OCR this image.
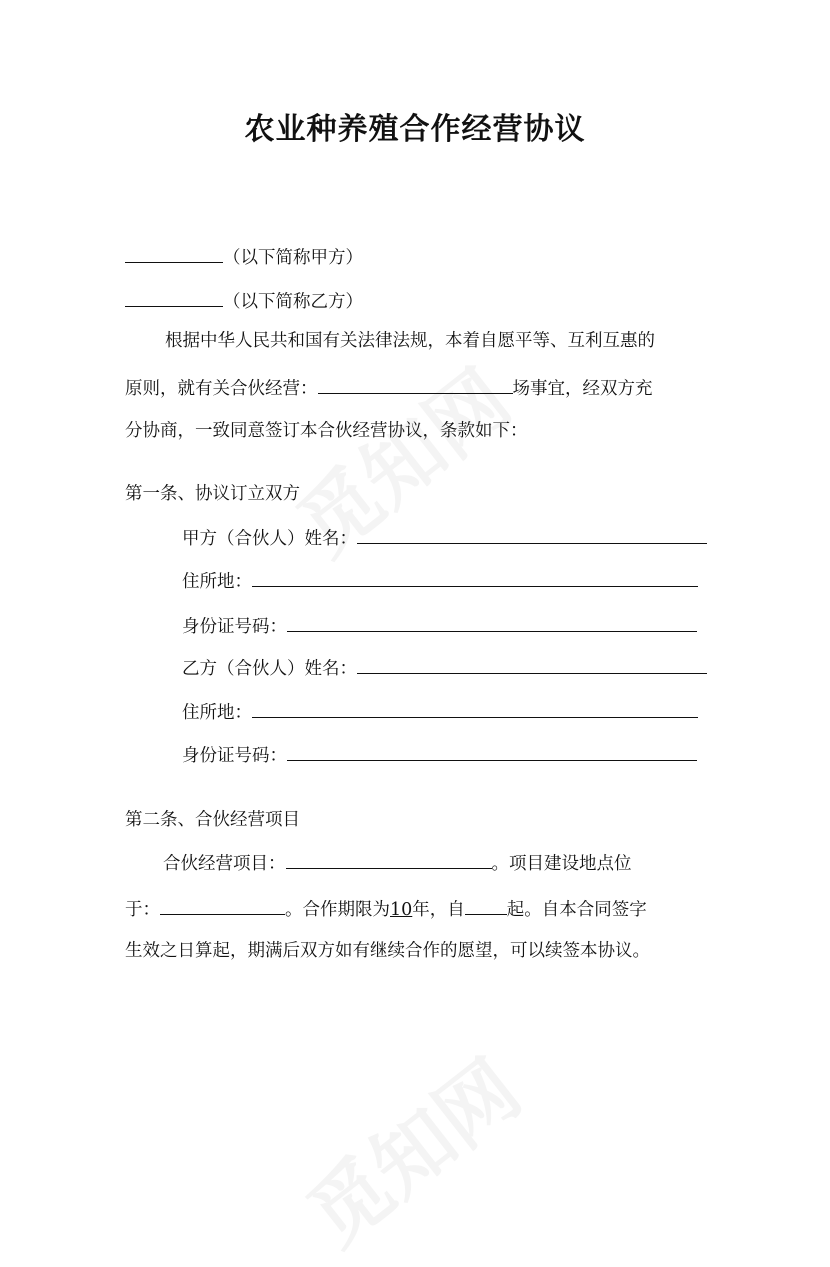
农业种养殖合作经营协议
（以下简称甲方）
（以下简称乙方）
根据中华人民共和国有关法律法规，本着自愿平等、互利互惠的
原则，就有关合伙经营：	场事宜，经双方充
分协商，一致同意签订本合伙经营协议，条款如下：
第一条、协议订立双方
甲方（合伙人）姓名：
住所地：
身份证号码：
乙方（合伙人）姓名：
住所地：
身份证号码：
第二条、合伙经营项目
合伙经营项目：	。项目建设地点位
于：	。合作期限为10年，自 起。自本合同签字
生效之日算起，期满后双方如有继续合作的愿望，可以续签本协议。
